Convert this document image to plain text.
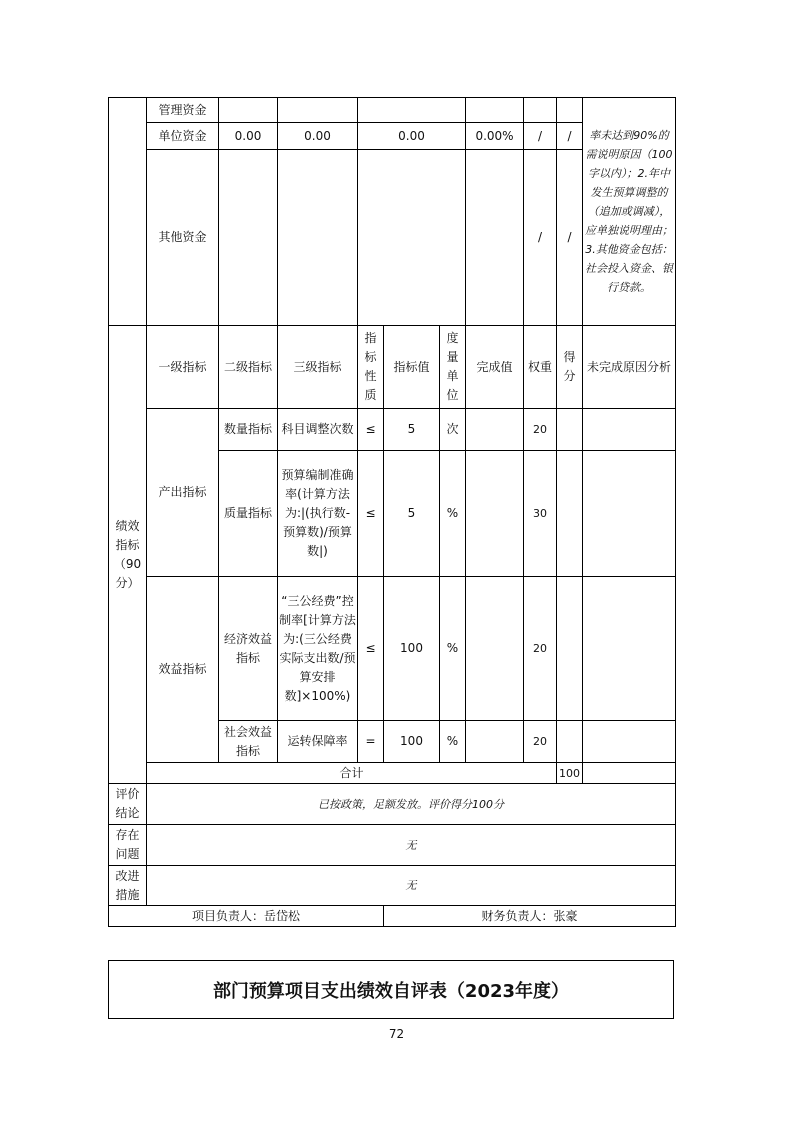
	管理资金									率未达到90%的需说明原因（100字以内）；2.年中发生预算调整的（追加或调减），应单独说明理由；3.其他资金包括：社会投入资金、银行贷款。	
	单位资金	0.00	0.00	0.00			0.00%	/	/		
	其他资金							/	/		
绩效指标（90分）	一级指标	二级指标	三级指标	指标性质	指标值	度量单位	完成值	权重	得分	未完成原因分析	
	产出指标	数量指标	科目调整次数	≤	5	次		20			
		质量指标	预算编制准确率(计算方法为:|(执行数-预算数)/预算数|)	≤	5	%		30			
	效益指标	经济效益指标	“三公经费”控制率[计算方法为:(三公经费实际支出数/预算安排数]×100%)	≤	100	%		20			
		社会效益指标	运转保障率	=	100	%		20			
	合计								100		
评价结论	已按政策，足额发放。评价得分100分										
存在问题	无										
改进措施	无										
项目负责人：岳岱松					财务负责人：张豪						
部门预算项目支出绩效自评表（2023年度）
72
